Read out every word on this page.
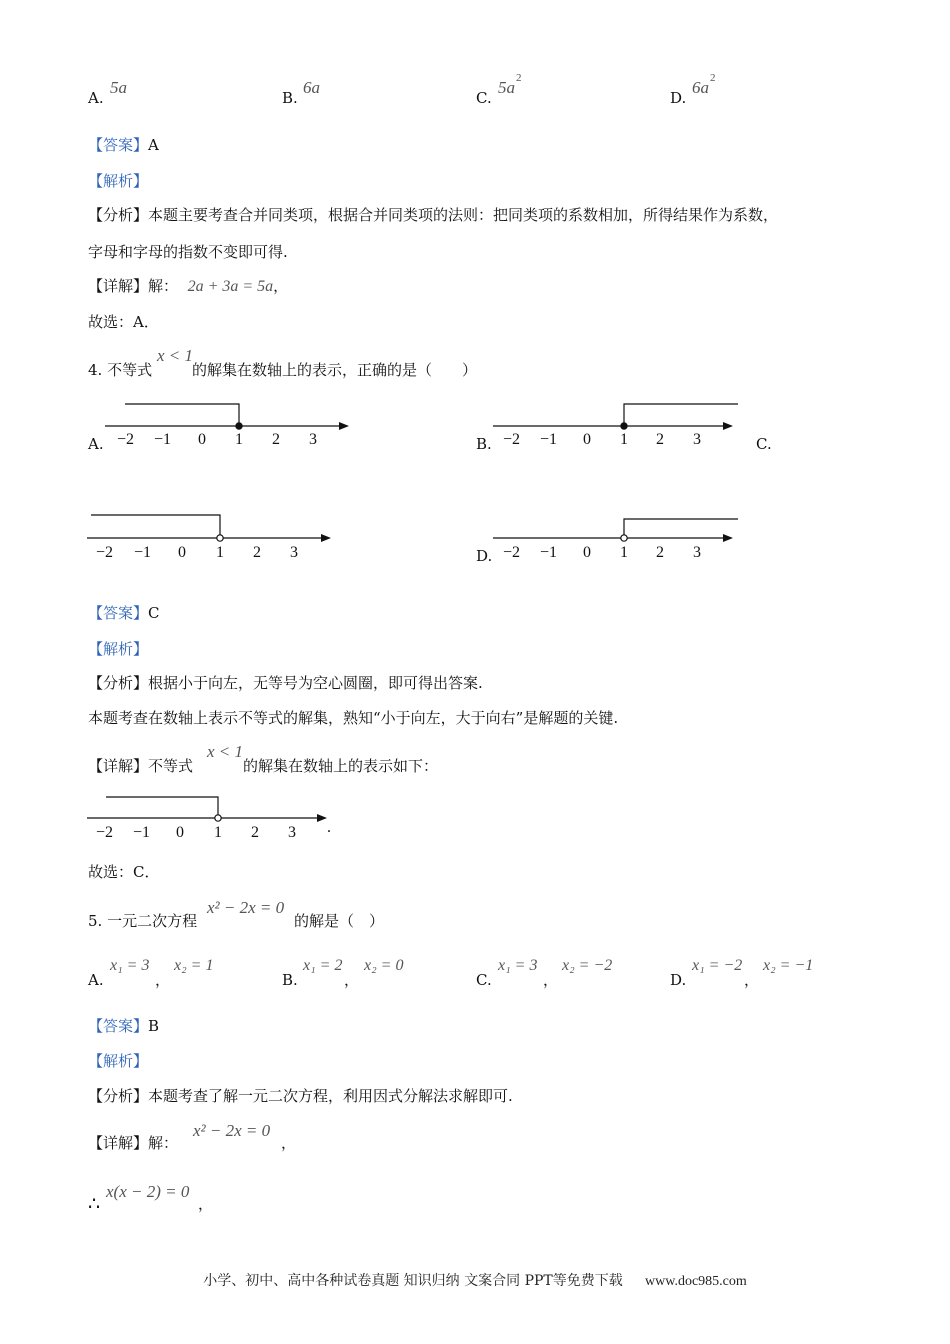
A.
5a
B.
6a
C.
5a 2
D.
6a 2
【答案】A
【解析】
【分析】本题主要考查合并同类项，根据合并同类项的法则：把同类项的系数相加，所得结果作为系数，
字母和字母的指数不变即可得.
【详解】解： 2a + 3a = 5a，
故选：A．
4. 不等式
x < 1
的解集在数轴上的表示，正确的是（　　）
A. −2 −1 0 1 2 3	B. −2 −1 0 1 2 3	C.
−2 −1 0 1 2 3	D. −2 −1 0 1 2 3
【答案】C
【解析】
【分析】根据小于向左，无等号为空心圆圈，即可得出答案.
本题考查在数轴上表示不等式的解集，熟知“小于向左，大于向右”是解题的关键.
【详解】不等式
x < 1
的解集在数轴上的表示如下：
−2 −1 0 1 2 3 .
故选：C．
5. 一元二次方程
x² − 2x = 0
的解是（　）
A.
x₁ = 3
，
x₂ = 1
B.
x₁ = 2
，
x₂ = 0
C.
x₁ = 3
，
x₂ = −2
D.
x₁ = −2
，
x₂ = −1
【答案】B
【解析】
【分析】本题考查了解一元二次方程，利用因式分解法求解即可.
【详解】解：
x² − 2x = 0
，
∴
x(x − 2) = 0
，
小学、初中、高中各种试卷真题 知识归纳 文案合同 PPT等免费下载 www.doc985.com
